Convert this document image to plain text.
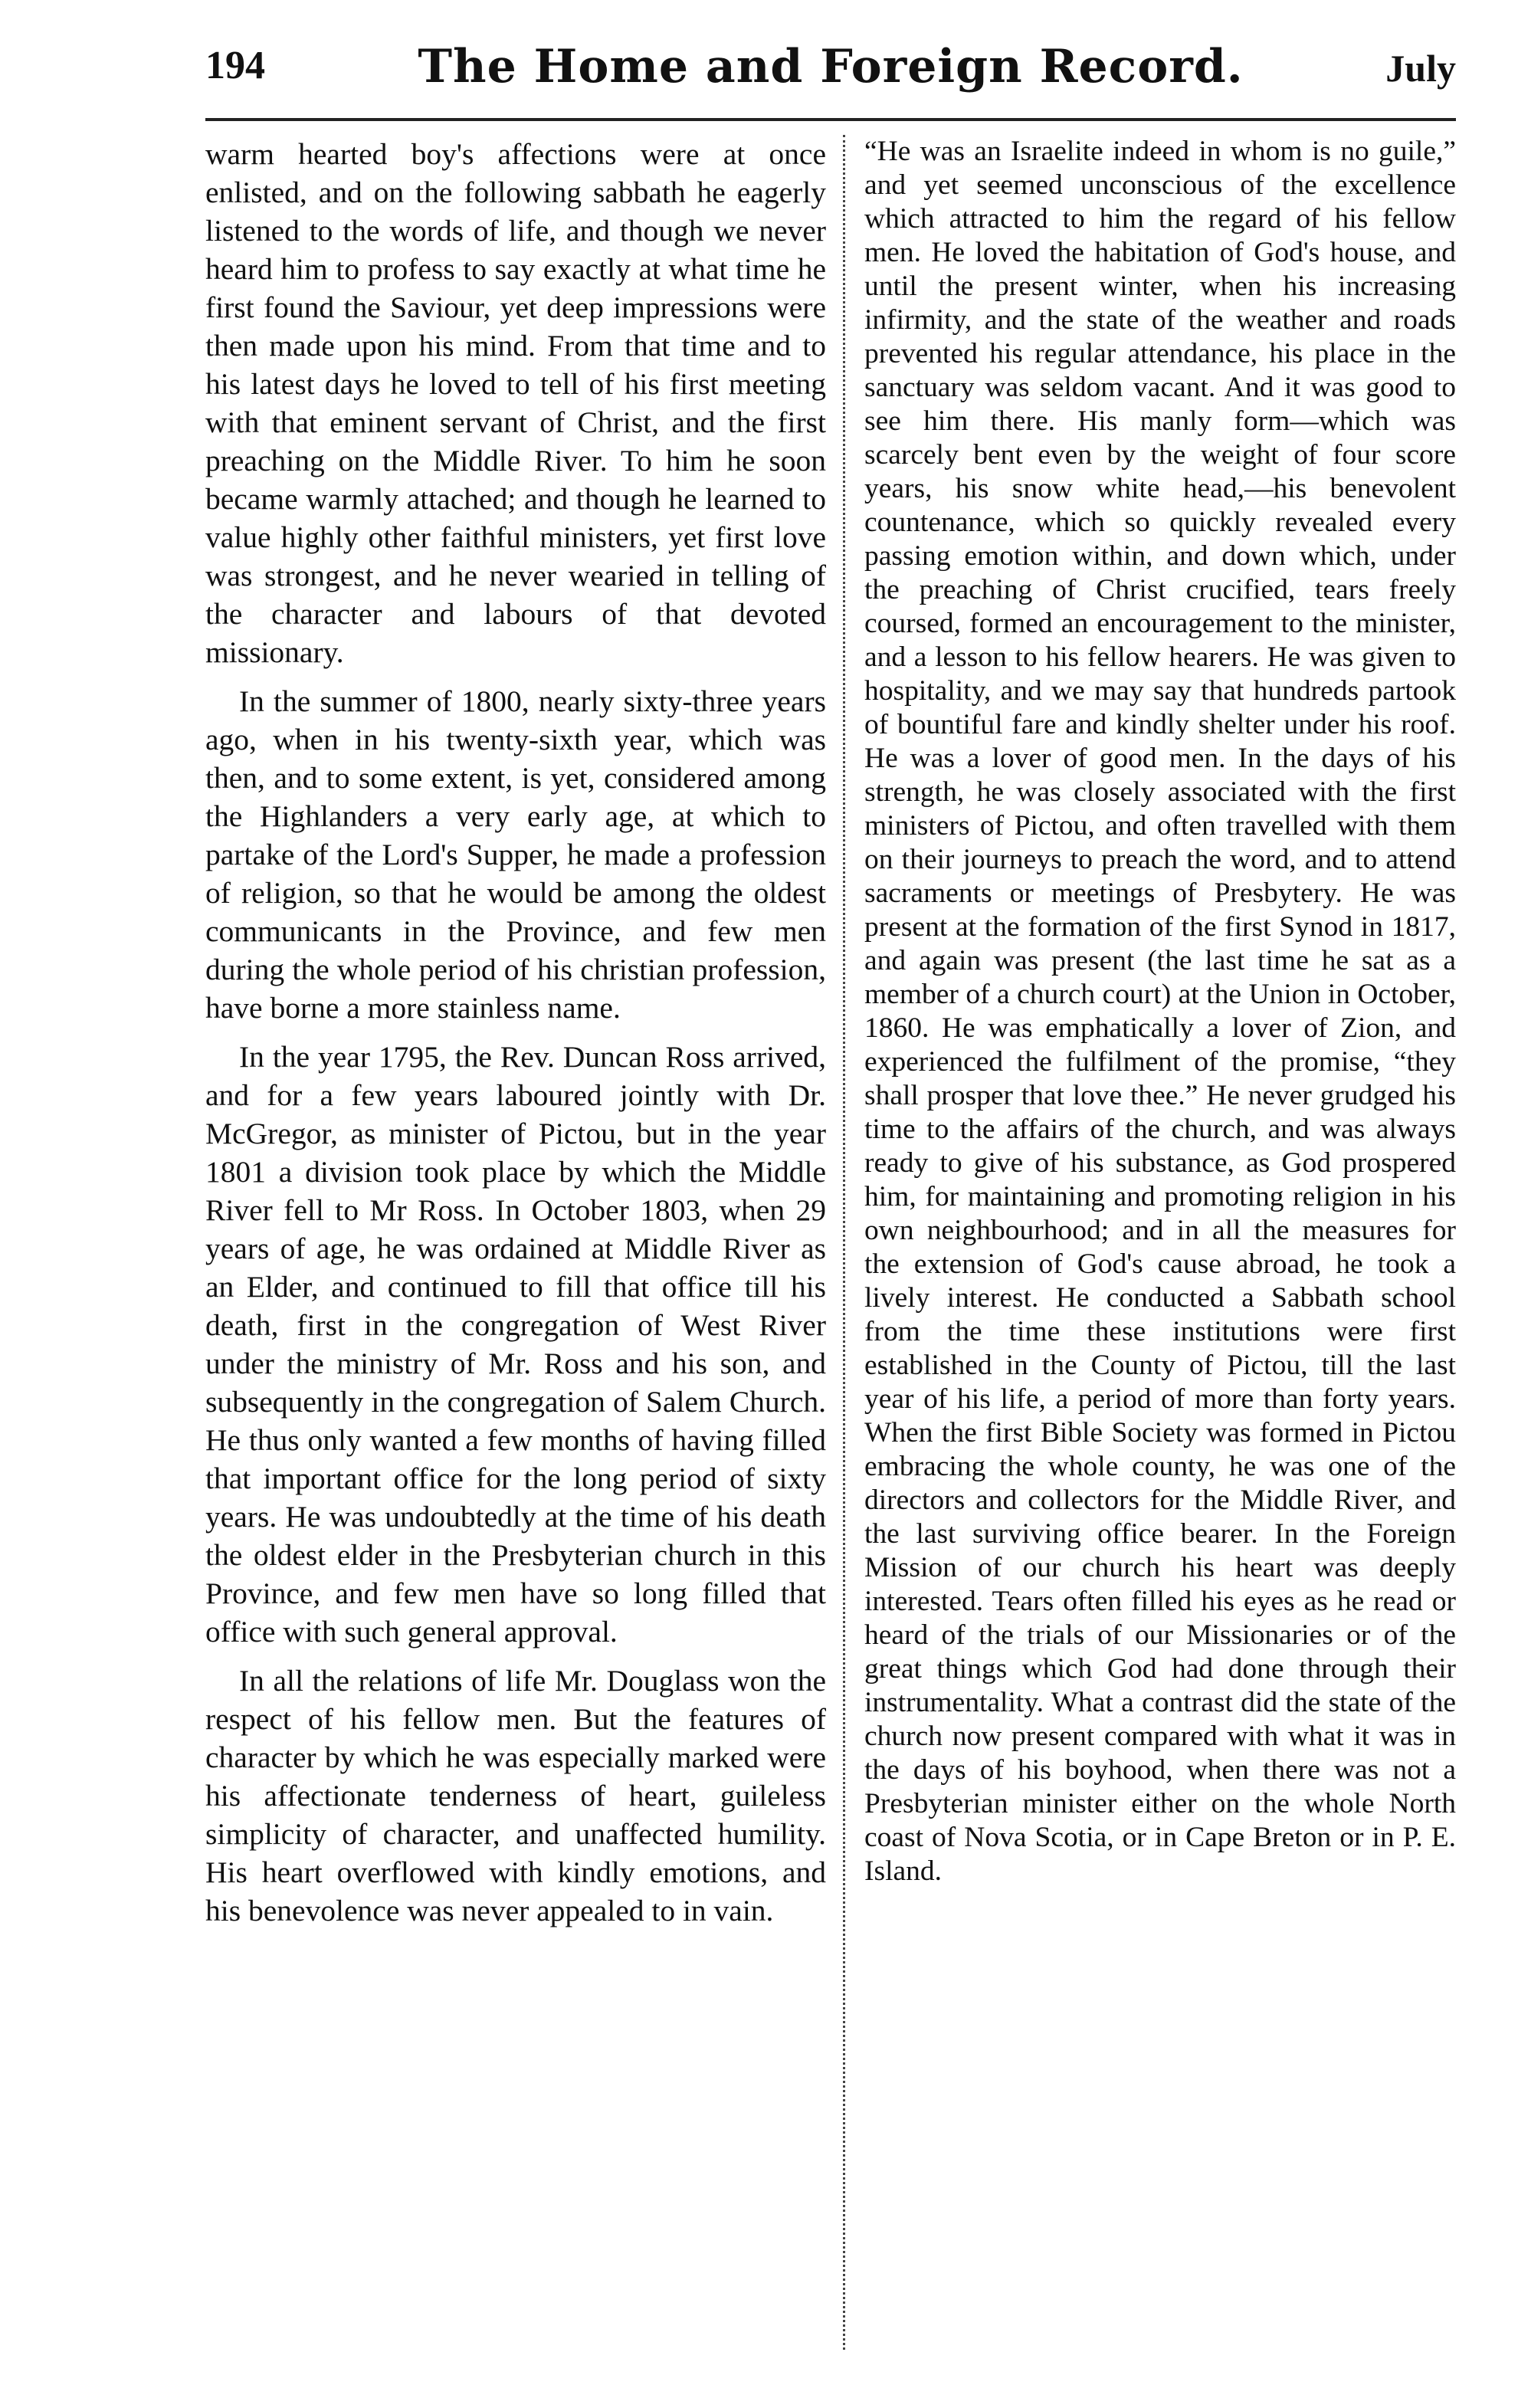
194	The Home and Foreign Record.	July

warm hearted boy's affections were at once enlisted, and on the following sabbath he eagerly listened to the words of life, and though we never heard him to profess to say exactly at what time he first found the Saviour, yet deep impressions were then made upon his mind. From that time and to his latest days he loved to tell of his first meeting with that eminent servant of Christ, and the first preaching on the Middle River. To him he soon became warmly attached; and though he learned to value highly other faithful ministers, yet first love was strongest, and he never wearied in telling of the character and labours of that devoted missionary.

In the summer of 1800, nearly sixty-three years ago, when in his twenty-sixth year, which was then, and to some extent, is yet, considered among the Highlanders a very early age, at which to partake of the Lord's Supper, he made a profession of religion, so that he would be among the oldest communicants in the Province, and few men during the whole period of his christian profession, have borne a more stainless name.

In the year 1795, the Rev. Duncan Ross arrived, and for a few years laboured jointly with Dr. McGregor, as minister of Pictou, but in the year 1801 a division took place by which the Middle River fell to Mr Ross. In October 1803, when 29 years of age, he was ordained at Middle River as an Elder, and continued to fill that office till his death, first in the congregation of West River under the ministry of Mr. Ross and his son, and subsequently in the congregation of Salem Church. He thus only wanted a few months of having filled that important office for the long period of sixty years. He was undoubtedly at the time of his death the oldest elder in the Presbyterian church in this Province, and few men have so long filled that office with such general approval.

In all the relations of life Mr. Douglass won the respect of his fellow men. But the features of character by which he was especially marked were his affectionate tenderness of heart, guileless simplicity of character, and unaffected humility. His heart overflowed with kindly emotions, and his benevolence was never appealed to in vain.

“He was an Israelite indeed in whom is no guile,” and yet seemed unconscious of the excellence which attracted to him the regard of his fellow men. He loved the habitation of God's house, and until the present winter, when his increasing infirmity, and the state of the weather and roads prevented his regular attendance, his place in the sanctuary was seldom vacant. And it was good to see him there. His manly form—which was scarcely bent even by the weight of four score years, his snow white head,—his benevolent countenance, which so quickly revealed every passing emotion within, and down which, under the preaching of Christ crucified, tears freely coursed, formed an encouragement to the minister, and a lesson to his fellow hearers. He was given to hospitality, and we may say that hundreds partook of bountiful fare and kindly shelter under his roof. He was a lover of good men. In the days of his strength, he was closely associated with the first ministers of Pictou, and often travelled with them on their journeys to preach the word, and to attend sacraments or meetings of Presbytery. He was present at the formation of the first Synod in 1817, and again was present (the last time he sat as a member of a church court) at the Union in October, 1860. He was emphatically a lover of Zion, and experienced the fulfilment of the promise, “they shall prosper that love thee.” He never grudged his time to the affairs of the church, and was always ready to give of his substance, as God prospered him, for maintaining and promoting religion in his own neighbourhood; and in all the measures for the extension of God's cause abroad, he took a lively interest. He conducted a Sabbath school from the time these institutions were first established in the County of Pictou, till the last year of his life, a period of more than forty years. When the first Bible Society was formed in Pictou embracing the whole county, he was one of the directors and collectors for the Middle River, and the last surviving office bearer. In the Foreign Mission of our church his heart was deeply interested. Tears often filled his eyes as he read or heard of the trials of our Missionaries or of the great things which God had done through their instrumentality. What a contrast did the state of the church now present compared with what it was in the days of his boyhood, when there was not a Presbyterian minister either on the whole North coast of Nova Scotia, or in Cape Breton or in P. E. Island.
